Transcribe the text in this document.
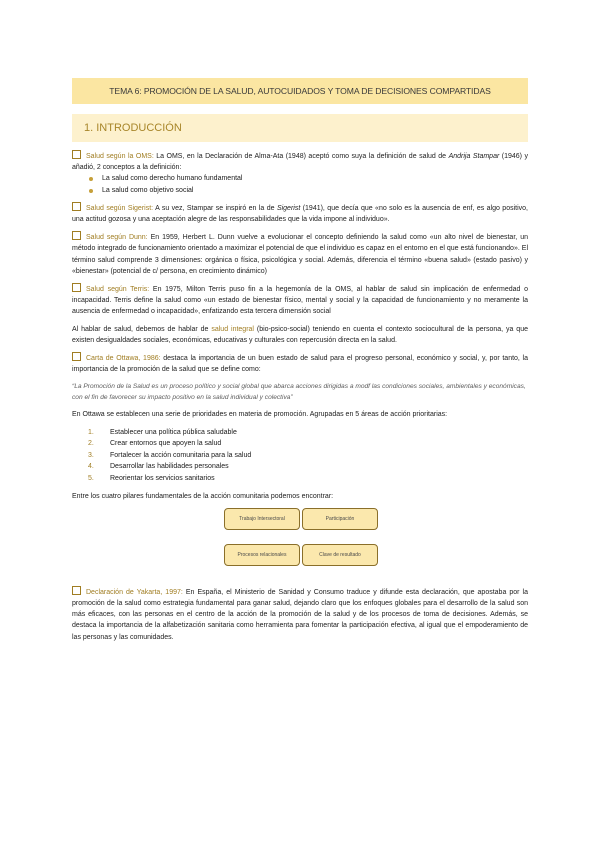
TEMA 6: PROMOCIÓN DE LA SALUD, AUTOCUIDADOS Y TOMA DE DECISIONES COMPARTIDAS
1. INTRODUCCIÓN

Salud según la OMS: La OMS, en la Declaración de Alma-Ata (1948) aceptó como suya la definición de salud de Andrija Stampar (1946) y añadió, 2 conceptos a la definición:

La salud como derecho humano fundamental
La salud como objetivo social

Salud según Sigerist: A su vez, Stampar se inspiró en la de Sigerist (1941), que decía que «no solo es la ausencia de enf, es algo positivo, una actitud gozosa y una aceptación alegre de las responsabilidades que la vida impone al individuo».

Salud según Dunn: En 1959, Herbert L. Dunn vuelve a evolucionar el concepto definiendo la salud como «un alto nivel de bienestar, un método integrado de funcionamiento orientado a maximizar el potencial de que el individuo es capaz en el entorno en el que está funcionando». El término salud comprende 3 dimensiones: orgánica o física, psicológica y social. Además, diferencia el término «buena salud» (estado pasivo) y «bienestar» (potencial de c/ persona, en crecimiento dinámico)

Salud según Terris: En 1975, Milton Terris puso fin a la hegemonía de la OMS, al hablar de salud sin implicación de enfermedad o incapacidad. Terris define la salud como «un estado de bienestar físico, mental y social y la capacidad de funcionamiento y no meramente la ausencia de enfermedad o incapacidad», enfatizando esta tercera dimensión social

Al hablar de salud, debemos de hablar de salud integral (bio-psico-social) teniendo en cuenta el contexto sociocultural de la persona, ya que existen desigualdades sociales, económicas, educativas y culturales con repercusión directa en la salud.

Carta de Ottawa, 1986: destaca la importancia de un buen estado de salud para el progreso personal, económico y social, y, por tanto, la importancia de la promoción de la salud que se define como:

“La Promoción de la Salud es un proceso político y social global que abarca acciones dirigidas a modf las condiciones sociales, ambientales y económicas, con el fin de favorecer su impacto positivo en la salud individual y colectiva”

En Ottawa se establecen una serie de prioridades en materia de promoción. Agrupadas en 5 áreas de acción prioritarias:

1. Establecer una política pública saludable
2. Crear entornos que apoyen la salud
3. Fortalecer la acción comunitaria para la salud
4. Desarrollar las habilidades personales
5. Reorientar los servicios sanitarios

Entre los cuatro pilares fundamentales de la acción comunitaria podemos encontrar:

Trabajo Intersectoral	Participación
Procesos relacionales	Clave de resultado

Declaración de Yakarta, 1997: En España, el Ministerio de Sanidad y Consumo traduce y difunde esta declaración, que apostaba por la promoción de la salud como estrategia fundamental para ganar salud, dejando claro que los enfoques globales para el desarrollo de la salud son más eficaces, con las personas en el centro de la acción de la promoción de la salud y de los procesos de toma de decisiones. Además, se destaca la importancia de la alfabetización sanitaria como herramienta para fomentar la participación efectiva, al igual que el empoderamiento de las personas y las comunidades.
